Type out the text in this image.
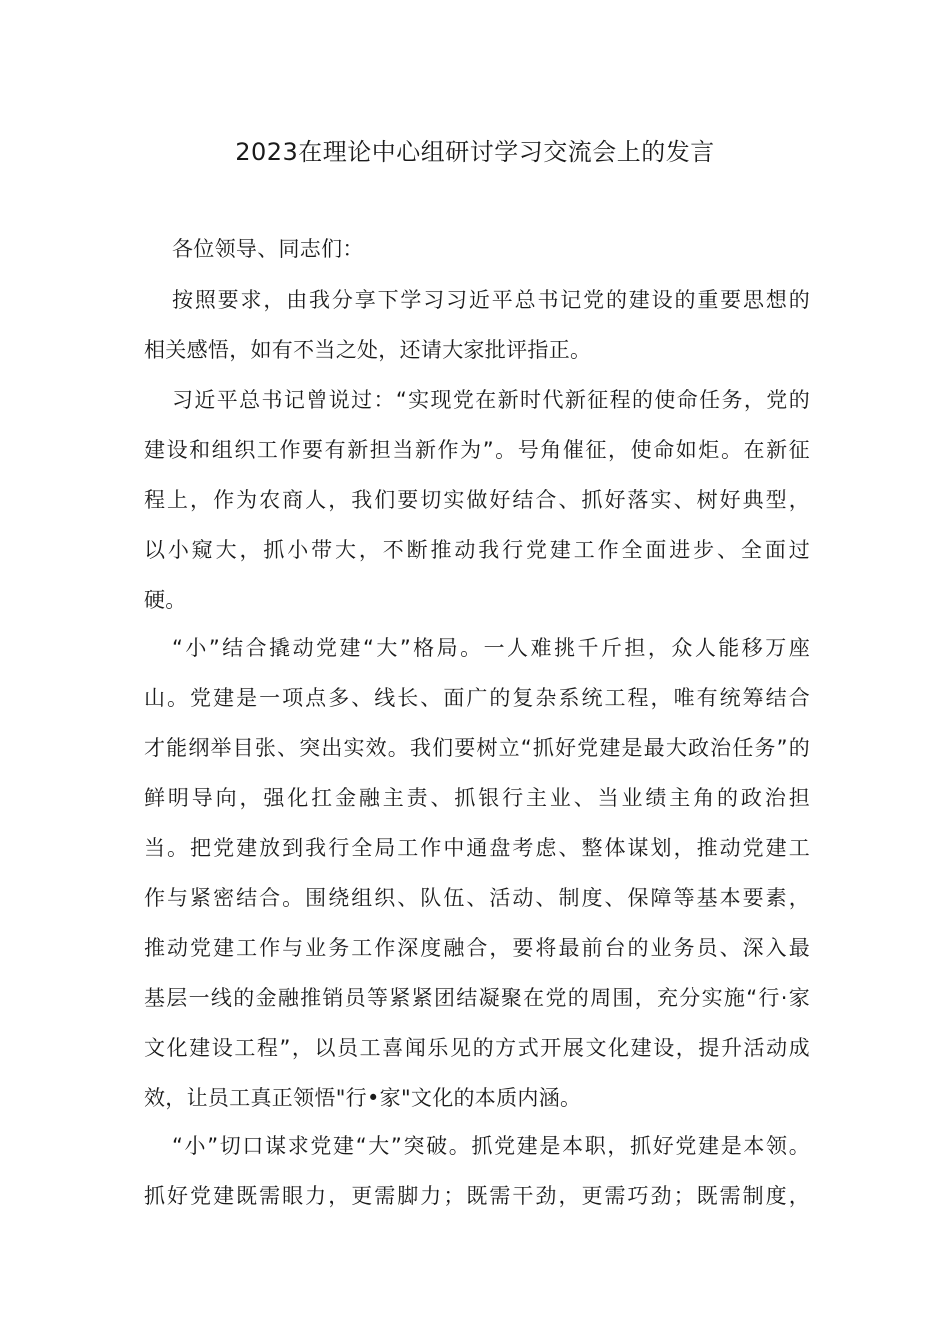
2023在理论中心组研讨学习交流会上的发言
各位领导、同志们：
按照要求，由我分享下学习习近平总书记党的建设的重要思想的
相关感悟，如有不当之处，还请大家批评指正。
习近平总书记曾说过：“实现党在新时代新征程的使命任务，党的
建设和组织工作要有新担当新作为”。号角催征，使命如炬。在新征
程上，作为农商人，我们要切实做好结合、抓好落实、树好典型，
以小窥大，抓小带大，不断推动我行党建工作全面进步、全面过
硬。
“小”结合撬动党建“大”格局。一人难挑千斤担，众人能移万座
山。党建是一项点多、线长、面广的复杂系统工程，唯有统筹结合
才能纲举目张、突出实效。我们要树立“抓好党建是最大政治任务”的
鲜明导向，强化扛金融主责、抓银行主业、当业绩主角的政治担
当。把党建放到我行全局工作中通盘考虑、整体谋划，推动党建工
作与紧密结合。围绕组织、队伍、活动、制度、保障等基本要素，
推动党建工作与业务工作深度融合，要将最前台的业务员、深入最
基层一线的金融推销员等紧紧团结凝聚在党的周围，充分实施“行·家
文化建设工程”，以员工喜闻乐见的方式开展文化建设，提升活动成
效，让员工真正领悟"行•家"文化的本质内涵。
“小”切口谋求党建“大”突破。抓党建是本职，抓好党建是本领。
抓好党建既需眼力，更需脚力；既需干劲，更需巧劲；既需制度，
